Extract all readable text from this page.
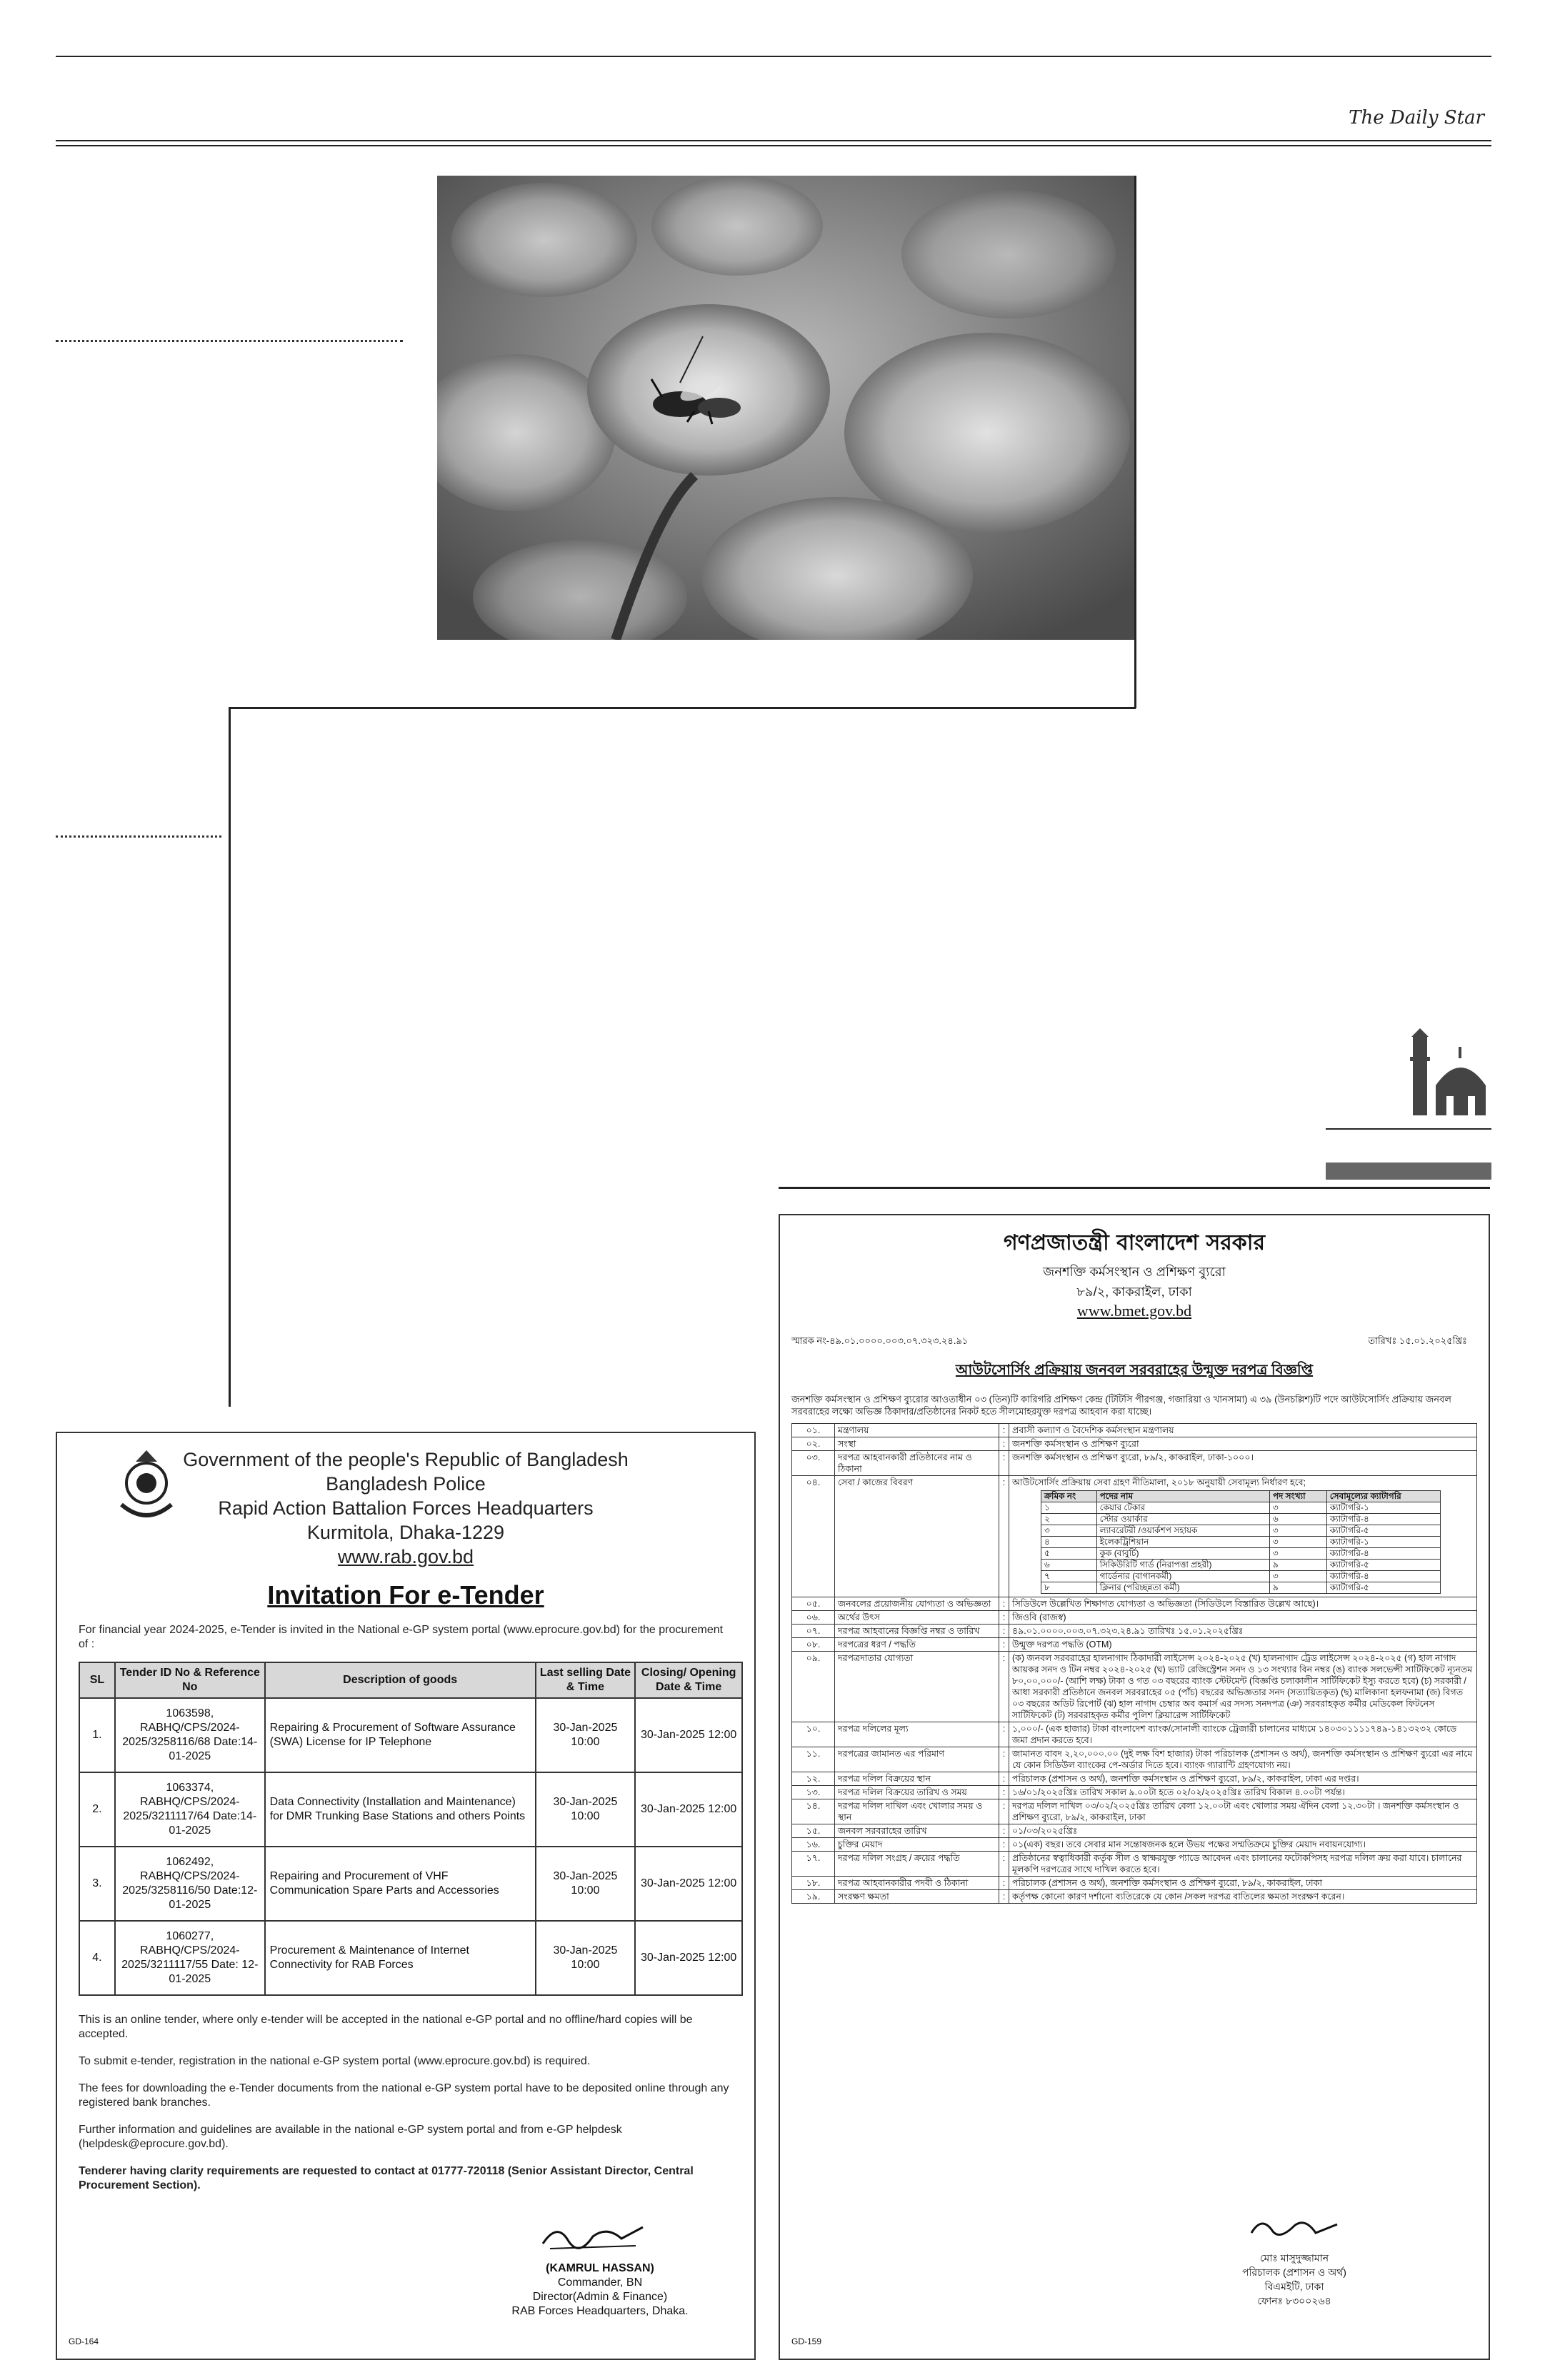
The Daily Star
Government of the people's Republic of Bangladesh
Bangladesh Police
Rapid Action Battalion Forces Headquarters
Kurmitola, Dhaka-1229
www.rab.gov.bd
Invitation For e-Tender

For financial year 2024-2025, e-Tender is invited in the National e-GP system portal (www.eprocure.gov.bd) for the procurement of :

SL	Tender ID No & Reference No	Description of goods	Last selling Date & Time	Closing/ Opening Date & Time
1.	1063598, RABHQ/CPS/2024-2025/3258116/68 Date:14-01-2025	Repairing & Procurement of Software Assurance (SWA) License for IP Telephone	30-Jan-2025 10:00	30-Jan-2025 12:00
2.	1063374, RABHQ/CPS/2024-2025/3211117/64 Date:14-01-2025	Data Connectivity (Installation and Maintenance) for DMR Trunking Base Stations and others Points	30-Jan-2025 10:00	30-Jan-2025 12:00
3.	1062492, RABHQ/CPS/2024-2025/3258116/50 Date:12-01-2025	Repairing and Procurement of VHF Communication Spare Parts and Accessories	30-Jan-2025 10:00	30-Jan-2025 12:00
4.	1060277, RABHQ/CPS/2024-2025/3211117/55 Date: 12-01-2025	Procurement & Maintenance of Internet Connectivity for RAB Forces	30-Jan-2025 10:00	30-Jan-2025 12:00

This is an online tender, where only e-tender will be accepted in the national e-GP portal and no offline/hard copies will be accepted.

To submit e-tender, registration in the national e-GP system portal (www.eprocure.gov.bd) is required.

The fees for downloading the e-Tender documents from the national e-GP system portal have to be deposited online through any registered bank branches.

Further information and guidelines are available in the national e-GP system portal and from e-GP helpdesk (helpdesk@eprocure.gov.bd).

Tenderer having clarity requirements are requested to contact at 01777-720118 (Senior Assistant Director, Central Procurement Section).

(KAMRUL HASSAN)
Commander, BN
Director(Admin & Finance)
RAB Forces Headquarters, Dhaka.
GD-164
গণপ্রজাতন্ত্রী বাংলাদেশ সরকার
জনশক্তি কর্মসংস্থান ও প্রশিক্ষণ ব্যুরো
৮৯/২, কাকরাইল, ঢাকা
www.bmet.gov.bd
স্মারক নং-৪৯.০১.০০০০.০০৩.০৭.৩২৩.২৪.৯১	তারিখঃ ১৫.০১.২০২৫খ্রিঃ
আউটসোর্সিং প্রক্রিয়ায় জনবল সরবরাহের উন্মুক্ত দরপত্র বিজ্ঞপ্তি
জনশক্তি কর্মসংস্থান ও প্রশিক্ষণ ব্যুরোর আওতাধীন ০৩ (তিন)টি কারিগরি প্রশিক্ষণ কেন্দ্র (টিটিসি পীরগঞ্জ, গজারিয়া ও খানসামা) এ ৩৯ (উনচল্লিশ)টি পদে আউটসোর্সিং প্রক্রিয়ায় জনবল সরবরাহের লক্ষ্যে অভিজ্ঞ ঠিকাদার/প্রতিষ্ঠানের নিকট হতে সীলমোহরযুক্ত দরপত্র আহবান করা যাচ্ছে।
০১.	মন্ত্রণালয়	:	প্রবাসী কল্যাণ ও বৈদেশিক কর্মসংস্থান মন্ত্রণালয়
০২.	সংস্থা	:	জনশক্তি কর্মসংস্থান ও প্রশিক্ষণ ব্যুরো
০৩.	দরপত্র আহবানকারী প্রতিষ্ঠানের নাম ও ঠিকানা	:	জনশক্তি কর্মসংস্থান ও প্রশিক্ষণ ব্যুরো, ৮৯/২, কাকরাইল, ঢাকা-১০০০।
০৪.	সেবা / কাজের বিবরণ	:	আউটসোর্সিং প্রক্রিয়ায় সেবা গ্রহণ নীতিমালা, ২০১৮ অনুযায়ী সেবামূল্য নির্ধারণ হবে;
ক্রমিক নং	পদের নাম	পদ সংখ্যা	সেবামূল্যের ক্যাটাগরি
১	কেয়ার টেকার	৩	ক্যাটাগরি-১
২	স্টোর ওয়ার্কার	৬	ক্যাটাগরি-৪
৩	ল্যাবরেটরী /ওয়ার্কশপ সহায়ক	৩	ক্যাটাগরি-৫
৪	ইলেকট্রিশিয়ান	৩	ক্যাটাগরি-১
৫	কুক (বাবুর্চি)	৩	ক্যাটাগরি-৪
৬	সিকিউরিটি গার্ড (নিরাপত্তা প্রহরী)	৯	ক্যাটাগরি-৫
৭	গার্ডেনার (বাগানকর্মী)	৩	ক্যাটাগরি-৪
৮	ক্লিনার (পরিচ্ছন্নতা কর্মী)	৯	ক্যাটাগরি-৫

০৫.	জনবলের প্রয়োজনীয় যোগ্যতা ও অভিজ্ঞতা	:	সিডিউলে উল্লেখিত শিক্ষাগত যোগ্যতা ও অভিজ্ঞতা (সিডিউলে বিস্তারিত উল্লেখ আছে)।
০৬.	অর্থের উৎস	:	জিওবি (রাজস্ব)
০৭.	দরপত্র আহবানের বিজ্ঞপ্তি নম্বর ও তারিখ	:	৪৯.০১.০০০০.০০৩.০৭.৩২৩.২৪.৯১ তারিখঃ ১৫.০১.২০২৫খ্রিঃ
০৮.	দরপত্রের ধরণ / পদ্ধতি	:	উন্মুক্ত দরপত্র পদ্ধতি (OTM)
০৯.	দরপত্রদাতার যোগ্যতা	:	(ক) জনবল সরবরাহের হালনাগাদ ঠিকাদারী লাইসেন্স ২০২৪-২০২৫ (খ) হালনাগাদ ট্রেড লাইসেন্স ২০২৪-২০২৫ (গ) হাল নাগাদ আয়কর সনদ ও টিন নম্বর ২০২৪-২০২৫ (ঘ) ভ্যাট রেজিস্ট্রেশন সনদ ও ১৩ সংখ্যার বিন নম্বর (ঙ) ব্যাংক সলভেন্সী সার্টিফিকেট ন্যূনতম ৮০,০০,০০০/- (আশি লক্ষ) টাকা ও গত ০৩ বছরের ব্যাংক স্টেটমেন্ট (বিজ্ঞপ্তি চলাকালীন সার্টিফিকেট ইস্যু করতে হবে) (চ) সরকারী / আধা সরকারী প্রতিষ্ঠানে জনবল সরবরাহের ০৫ (পাঁচ) বছরের অভিজ্ঞতার সনদ (সত্যায়িতকৃত) (ছ) মালিকানা হলফনামা (জ) বিগত ০৩ বছরের অডিট রিপোর্ট (ঝ) হাল নাগাদ চেম্বার অব কমার্স এর সদস্য সনদপত্র (ঞ) সরবরাহকৃত কর্মীর মেডিকেল ফিটনেস সার্টিফিকেট (ট) সরবরাহকৃত কর্মীর পুলিশ ক্লিয়ারেন্স সার্টিফিকেট
১০.	দরপত্র দলিলের মূল্য	:	১,০০০/- (এক হাজার) টাকা বাংলাদেশ ব্যাংক/সোনালী ব্যাংকে ট্রেজারী চালানের মাধ্যমে ১৪০৩০১১১১৭৪৯-১৪১৩২৩২ কোডে জমা প্রদান করতে হবে।
১১.	দরপত্রের জামানত এর পরিমাণ	:	জামানত বাবদ ২,২০,০০০.০০ (দুই লক্ষ বিশ হাজার) টাকা পরিচালক (প্রশাসন ও অর্থ), জনশক্তি কর্মসংস্থান ও প্রশিক্ষণ ব্যুরো এর নামে যে কোন সিডিউল ব্যাংকের পে-অর্ডার দিতে হবে। ব্যাংক গ্যারান্টি গ্রহণযোগ্য নয়।
১২.	দরপত্র দলিল বিক্রয়ের স্থান	:	পরিচালক (প্রশাসন ও অর্থ), জনশক্তি কর্মসংস্থান ও প্রশিক্ষণ ব্যুরো, ৮৯/২, কাকরাইল, ঢাকা এর দপ্তর।
১৩.	দরপত্র দলিল বিক্রয়ের তারিখ ও সময়	:	১৬/০১/২০২৫খ্রিঃ তারিখ সকাল ৯.০০টা হতে ০২/০২/২০২৫খ্রিঃ তারিখ বিকাল ৪.০০টা পর্যন্ত।
১৪.	দরপত্র দলিল দাখিল এবং খোলার সময় ও স্থান	:	দরপত্র দলিল দাখিল ০৩/০২/২০২৫খ্রিঃ তারিখ বেলা ১২.০০টা এবং খোলার সময় ঐদিন বেলা ১২.৩০টা । জনশক্তি কর্মসংস্থান ও প্রশিক্ষণ ব্যুরো, ৮৯/২, কাকরাইল, ঢাকা
১৫.	জনবল সরবরাহের তারিখ	:	০১/০৩/২০২৫খ্রিঃ
১৬.	চুক্তির মেয়াদ	:	০১(এক) বছর। তবে সেবার মান সন্তোষজনক হলে উভয় পক্ষের সম্মতিক্রমে চুক্তির মেয়াদ নবায়নযোগ্য।
১৭.	দরপত্র দলিল সংগ্রহ / ক্রয়ের পদ্ধতি	:	প্রতিষ্ঠানের স্বত্বাধিকারী কর্তৃক সীল ও স্বাক্ষরযুক্ত প্যাডে আবেদন এবং চালানের ফটোকপিসহ দরপত্র দলিল ক্রয় করা যাবে। চালানের মূলকপি দরপত্রের সাথে দাখিল করতে হবে।
১৮.	দরপত্র আহবানকারীর পদবী ও ঠিকানা	:	পরিচালক (প্রশাসন ও অর্থ), জনশক্তি কর্মসংস্থান ও প্রশিক্ষণ ব্যুরো, ৮৯/২, কাকরাইল, ঢাকা
১৯.	সংরক্ষণ ক্ষমতা	:	কর্তৃপক্ষ কোনো কারণ দর্শানো ব্যতিরেকে যে কোন /সকল দরপত্র বাতিলের ক্ষমতা সংরক্ষণ করেন।
মোঃ মাসুদুজ্জামান
পরিচালক (প্রশাসন ও অর্থ)
বিএমইটি, ঢাকা
ফোনঃ ৮৩০০২৬৪
GD-159
